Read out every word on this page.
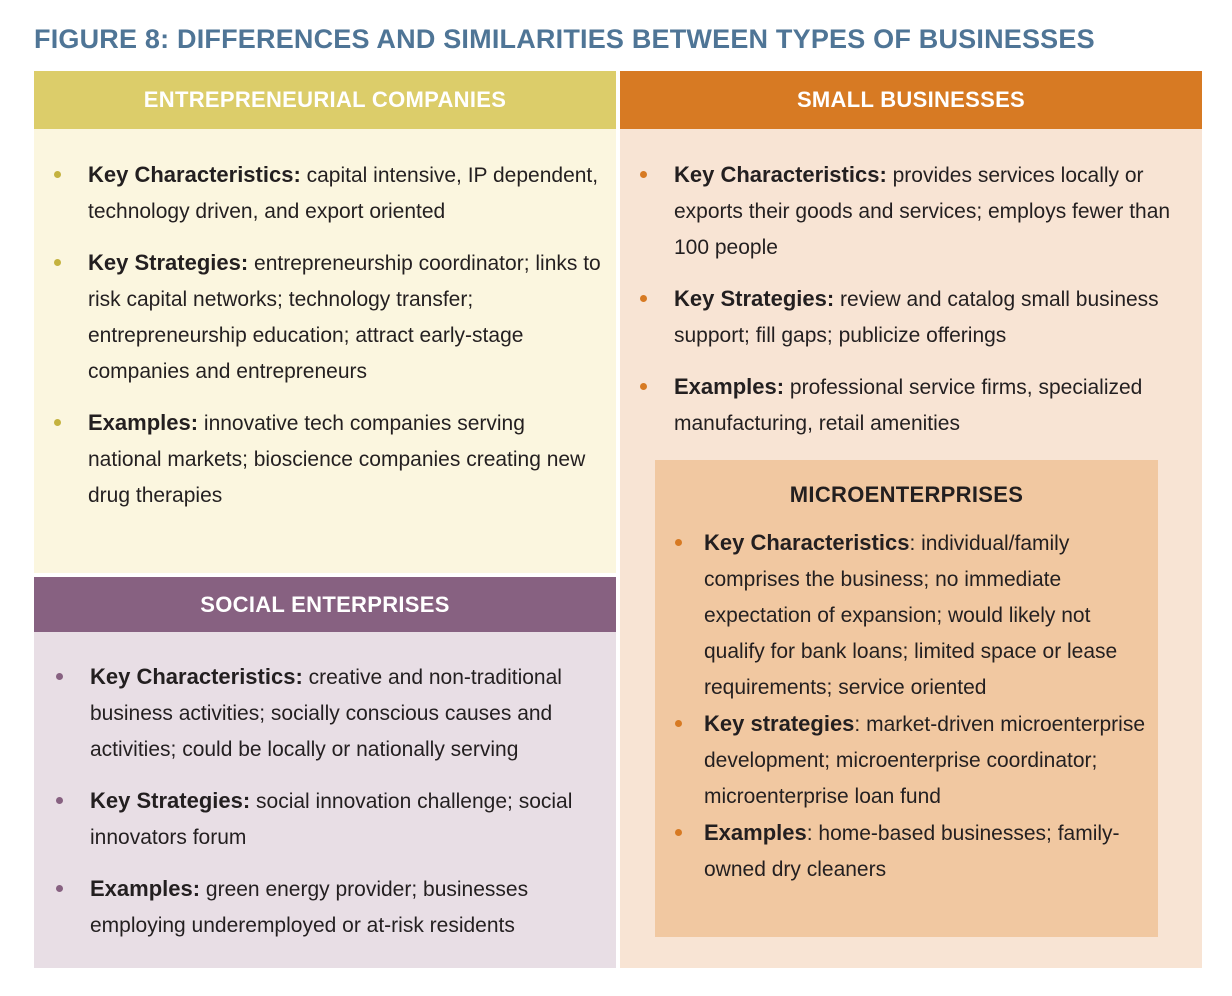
FIGURE 8: DIFFERENCES AND SIMILARITIES BETWEEN TYPES OF BUSINESSES
ENTREPRENEURIAL COMPANIES
Key Characteristics: capital intensive, IP dependent, technology driven, and export oriented
Key Strategies: entrepreneurship coordinator; links to risk capital networks; technology transfer; entrepreneurship education; attract early-stage companies and entrepreneurs
Examples: innovative tech companies serving national markets; bioscience companies creating new drug therapies
SOCIAL ENTERPRISES
Key Characteristics: creative and non-traditional business activities; socially conscious causes and activities; could be locally or nationally serving
Key Strategies: social innovation challenge; social innovators forum
Examples: green energy provider; businesses employing underemployed or at-risk residents
SMALL BUSINESSES
Key Characteristics: provides services locally or exports their goods and services; employs fewer than 100 people
Key Strategies: review and catalog small business support; fill gaps; publicize offerings
Examples: professional service firms, specialized manufacturing, retail amenities
MICROENTERPRISES
Key Characteristics: individual/family comprises the business; no immediate expectation of expansion; would likely not qualify for bank loans; limited space or lease requirements; service oriented
Key strategies: market-driven microenterprise development; microenterprise coordinator; microenterprise loan fund
Examples: home-based businesses; family-owned dry cleaners
